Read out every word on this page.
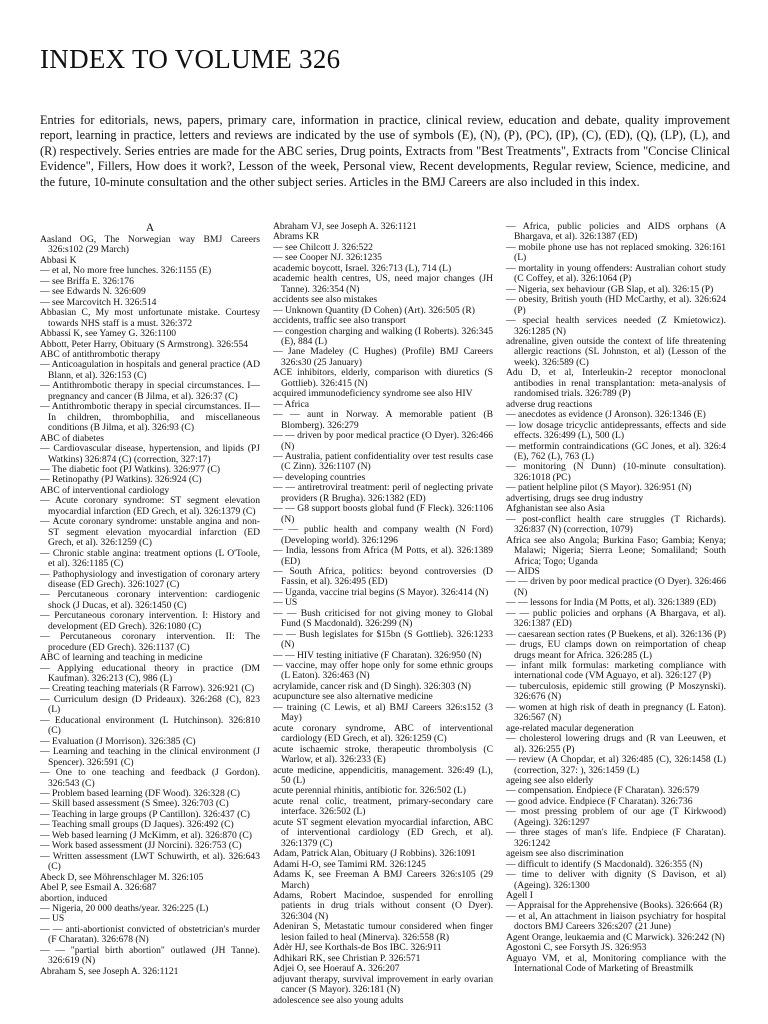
INDEX TO VOLUME 326

Entries for editorials, news, papers, primary care, information in practice, clinical review, education and debate, quality improvement report, learning in practice, letters and reviews are indicated by the use of symbols (E), (N), (P), (PC), (IP), (C), (ED), (Q), (LP), (L), and (R) respectively. Series entries are made for the ABC series, Drug points, Extracts from "Best Treatments", Extracts from "Concise Clinical Evidence", Fillers, How does it work?, Lesson of the week, Personal view, Recent developments, Regular review, Science, medicine, and the future, 10-minute consultation and the other subject series. Articles in the BMJ Careers are also included in this index.

A

Aasland OG, The Norwegian way BMJ Careers 326:s102 (29 March)

Abbasi K

— et al, No more free lunches. 326:1155 (E)

— see Briffa E. 326:176

— see Edwards N. 326:609

— see Marcovitch H. 326:514

Abbasian C, My most unfortunate mistake. Courtesy towards NHS staff is a must. 326:372

Abbassi K, see Yamey G. 326:1100

Abbott, Peter Harry, Obituary (S Armstrong). 326:554

ABC of antithrombotic therapy

— Anticoagulation in hospitals and general practice (AD Blann, et al). 326:153 (C)

— Antithrombotic therapy in special circumstances. I—pregnancy and cancer (B Jilma, et al). 326:37 (C)

— Antithrombotic therapy in special circumstances. II—In children, thrombophilia, and miscellaneous conditions (B Jilma, et al). 326:93 (C)

ABC of diabetes

— Cardiovascular disease, hypertension, and lipids (PJ Watkins) 326:874 (C) (correction, 327:17)

— The diabetic foot (PJ Watkins). 326:977 (C)

— Retinopathy (PJ Watkins). 326:924 (C)

ABC of interventional cardiology

— Acute coronary syndrome: ST segment elevation myocardial infarction (ED Grech, et al). 326:1379 (C)

— Acute coronary syndrome: unstable angina and non-ST segment elevation myocardial infarction (ED Grech, et al). 326:1259 (C)

— Chronic stable angina: treatment options (L O'Toole, et al). 326:1185 (C)

— Pathophysiology and investigation of coronary artery disease (ED Grech). 326:1027 (C)

— Percutaneous coronary intervention: cardiogenic shock (J Ducas, et al). 326:1450 (C)

— Percutaneous coronary intervention. I: History and development (ED Grech). 326:1080 (C)

— Percutaneous coronary intervention. II: The procedure (ED Grech). 326:1137 (C)

ABC of learning and teaching in medicine

— Applying educational theory in practice (DM Kaufman). 326:213 (C), 986 (L)

— Creating teaching materials (R Farrow). 326:921 (C)

— Curriculum design (D Prideaux). 326:268 (C), 823 (L)

— Educational environment (L Hutchinson). 326:810 (C)

— Evaluation (J Morrison). 326:385 (C)

— Learning and teaching in the clinical environment (J Spencer). 326:591 (C)

— One to one teaching and feedback (J Gordon). 326:543 (C)

— Problem based learning (DF Wood). 326:328 (C)

— Skill based assessment (S Smee). 326:703 (C)

— Teaching in large groups (P Cantillon). 326:437 (C)

— Teaching small groups (D Jaques). 326:492 (C)

— Web based learning (J McKimm, et al). 326:870 (C)

— Work based assessment (JJ Norcini). 326:753 (C)

— Written assessment (LWT Schuwirth, et al). 326:643 (C)

Abeck D, see Möhrenschlager M. 326:105

Abel P, see Esmail A. 326:687

abortion, induced

— Nigeria, 20 000 deaths/year. 326:225 (L)

— US

— — anti-abortionist convicted of obstetrician's murder (F Charatan). 326:678 (N)

— — "partial birth abortion" outlawed (JH Tanne). 326:619 (N)

Abraham S, see Joseph A. 326:1121

Abraham VJ, see Joseph A. 326:1121

Abrams KR

— see Chilcott J. 326:522

— see Cooper NJ. 326:1235

academic boycott, Israel. 326:713 (L), 714 (L)

academic health centres, US, need major changes (JH Tanne). 326:354 (N)

accidents see also mistakes

— Unknown Quantity (D Cohen) (Art). 326:505 (R)

accidents, traffic see also transport

— congestion charging and walking (I Roberts). 326:345 (E), 884 (L)

— Jane Madeley (C Hughes) (Profile) BMJ Careers 326:s30 (25 January)

ACE inhibitors, elderly, comparison with diuretics (S Gottlieb). 326:415 (N)

acquired immunodeficiency syndrome see also HIV

— Africa

— — aunt in Norway. A memorable patient (B Blomberg). 326:279

— — driven by poor medical practice (O Dyer). 326:466 (N)

— Australia, patient confidentiality over test results case (C Zinn). 326:1107 (N)

— developing countries

— — antiretroviral treatment: peril of neglecting private providers (R Brugha). 326:1382 (ED)

— — G8 support boosts global fund (F Fleck). 326:1106 (N)

— — public health and company wealth (N Ford) (Developing world). 326:1296

— India, lessons from Africa (M Potts, et al). 326:1389 (ED)

— South Africa, politics: beyond controversies (D Fassin, et al). 326:495 (ED)

— Uganda, vaccine trial begins (S Mayor). 326:414 (N)

— US

— — Bush criticised for not giving money to Global Fund (S Macdonald). 326:299 (N)

— — Bush legislates for $15bn (S Gottlieb). 326:1233 (N)

— — HIV testing initiative (F Charatan). 326:950 (N)

— vaccine, may offer hope only for some ethnic groups (L Eaton). 326:463 (N)

acrylamide, cancer risk and (D Singh). 326:303 (N)

acupuncture see also alternative medicine

— training (C Lewis, et al) BMJ Careers 326:s152 (3 May)

acute coronary syndrome, ABC of interventional cardiology (ED Grech, et al). 326:1259 (C)

acute ischaemic stroke, therapeutic thrombolysis (C Warlow, et al). 326:233 (E)

acute medicine, appendicitis, management. 326:49 (L), 50 (L)

acute perennial rhinitis, antibiotic for. 326:502 (L)

acute renal colic, treatment, primary-secondary care interface. 326:502 (L)

acute ST segment elevation myocardial infarction, ABC of interventional cardiology (ED Grech, et al). 326:1379 (C)

Adam, Patrick Alan, Obituary (J Robbins). 326:1091

Adami H-O, see Tamimi RM. 326:1245

Adams K, see Freeman A BMJ Careers 326:s105 (29 March)

Adams, Robert Macindoe, suspended for enrolling patients in drug trials without consent (O Dyer). 326:304 (N)

Adeniran S, Metastatic tumour considered when finger lesion failed to heal (Minerva). 326:558 (R)

Adèr HJ, see Korthals-de Bos IBC. 326:911

Adhikari RK, see Christian P. 326:571

Adjei O, see Hoerauf A. 326:207

adjuvant therapy, survival improvement in early ovarian cancer (S Mayor). 326:181 (N)

adolescence see also young adults

— Africa, public policies and AIDS orphans (A Bhargava, et al). 326:1387 (ED)

— mobile phone use has not replaced smoking. 326:161 (L)

— mortality in young offenders: Australian cohort study (C Coffey, et al). 326:1064 (P)

— Nigeria, sex behaviour (GB Slap, et al). 326:15 (P)

— obesity, British youth (HD McCarthy, et al). 326:624 (P)

— special health services needed (Z Kmietowicz). 326:1285 (N)

adrenaline, given outside the context of life threatening allergic reactions (SL Johnston, et al) (Lesson of the week). 326:589 (C)

Adu D, et al, Interleukin-2 receptor monoclonal antibodies in renal transplantation: meta-analysis of randomised trials. 326:789 (P)

adverse drug reactions

— anecdotes as evidence (J Aronson). 326:1346 (E)

— low dosage tricyclic antidepressants, effects and side effects. 326:499 (L), 500 (L)

— metformin contraindications (GC Jones, et al). 326:4 (E), 762 (L), 763 (L)

— monitoring (N Dunn) (10-minute consultation). 326:1018 (PC)

— patient helpline pilot (S Mayor). 326:951 (N)

advertising, drugs see drug industry

Afghanistan see also Asia

— post-conflict health care struggles (T Richards). 326:837 (N) (correction, 1079)

Africa see also Angola; Burkina Faso; Gambia; Kenya; Malawi; Nigeria; Sierra Leone; Somaliland; South Africa; Togo; Uganda

— AIDS

— — driven by poor medical practice (O Dyer). 326:466 (N)

— — lessons for India (M Potts, et al). 326:1389 (ED)

— — public policies and orphans (A Bhargava, et al). 326:1387 (ED)

— caesarean section rates (P Buekens, et al). 326:136 (P)

— drugs, EU clamps down on reimportation of cheap drugs meant for Africa. 326:285 (L)

— infant milk formulas: marketing compliance with international code (VM Aguayo, et al). 326:127 (P)

— tuberculosis, epidemic still growing (P Moszynski). 326:676 (N)

— women at high risk of death in pregnancy (L Eaton). 326:567 (N)

age-related macular degeneration

— cholesterol lowering drugs and (R van Leeuwen, et al). 326:255 (P)

— review (A Chopdar, et al) 326:485 (C), 326:1458 (L) (correction, 327: ), 326:1459 (L)

ageing see also elderly

— compensation. Endpiece (F Charatan). 326:579

— good advice. Endpiece (F Charatan). 326:736

— most pressing problem of our age (T Kirkwood) (Ageing). 326:1297

— three stages of man's life. Endpiece (F Charatan). 326:1242

ageism see also discrimination

— difficult to identify (S Macdonald). 326:355 (N)

— time to deliver with dignity (S Davison, et al) (Ageing). 326:1300

Agell I

— Appraisal for the Apprehensive (Books). 326:664 (R)

— et al, An attachment in liaison psychiatry for hospital doctors BMJ Careers 326:s207 (21 June)

Agent Orange, leukaemia and (C Marwick). 326:242 (N)

Agostoni C, see Forsyth JS. 326:953

Aguayo VM, et al, Monitoring compliance with the International Code of Marketing of Breastmilk
